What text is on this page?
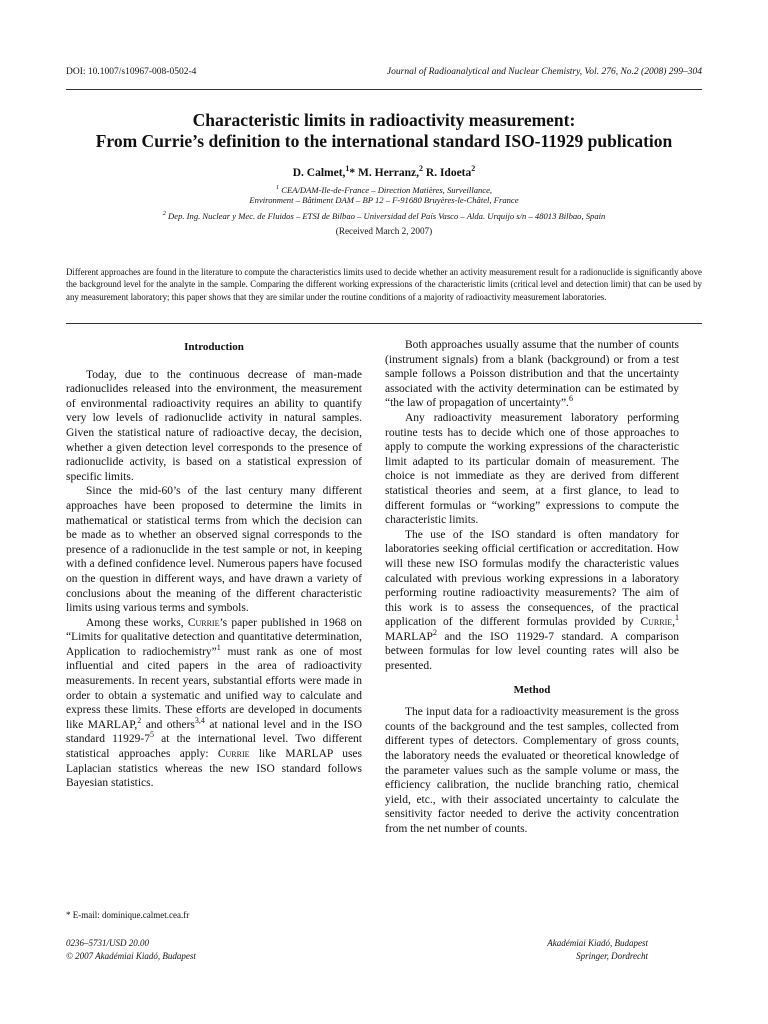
DOI: 10.1007/s10967-008-0502-4	Journal of Radioanalytical and Nuclear Chemistry, Vol. 276, No.2 (2008) 299–304
Characteristic limits in radioactivity measurement:
From Currie’s definition to the international standard ISO-11929 publication
D. Calmet,$^1$* M. Herranz,$^2$ R. Idoeta$^2$
$^1$ CEA/DAM-Ile-de-France – Direction Matières, Surveillance,
Environment – Bâtiment DAM – BP 12 – F-91680 Bruyères-le-Châtel, France
$^2$ Dep. Ing. Nuclear y Mec. de Fluidos – ETSI de Bilbao – Universidad del País Vasco – Alda. Urquijo s/n – 48013 Bilbao, Spain
(Received March 2, 2007)
Different approaches are found in the literature to compute the characteristics limits used to decide whether an activity measurement result for a radionuclide is significantly above the background level for the analyte in the sample. Comparing the different working expressions of the characteristic limits (critical level and detection limit) that can be used by any measurement laboratory; this paper shows that they are similar under the routine conditions of a majority of radioactivity measurement laboratories.
Introduction

Today, due to the continuous decrease of man-made radionuclides released into the environment, the measurement of environmental radioactivity requires an ability to quantify very low levels of radionuclide activity in natural samples. Given the statistical nature of radioactive decay, the decision, whether a given detection level corresponds to the presence of radionuclide activity, is based on a statistical expression of specific limits.

Since the mid-60’s of the last century many different approaches have been proposed to determine the limits in mathematical or statistical terms from which the decision can be made as to whether an observed signal corresponds to the presence of a radionuclide in the test sample or not, in keeping with a defined confidence level. Numerous papers have focused on the question in different ways, and have drawn a variety of conclusions about the meaning of the different characteristic limits using various terms and symbols.

Among these works, Currie’s paper published in 1968 on “Limits for qualitative detection and quantitative determination, Application to radiochemistry”$^1$ must rank as one of most influential and cited papers in the area of radioactivity measurements. In recent years, substantial efforts were made in order to obtain a systematic and unified way to calculate and express these limits. These efforts are developed in documents like MARLAP,$^2$ and others$^{3,4}$ at national level and in the ISO standard $11929-7^5$ at the international level. Two different statistical approaches apply: Currie like MARLAP uses Laplacian statistics whereas the new ISO standard follows Bayesian statistics.

Both approaches usually assume that the number of counts (instrument signals) from a blank (background) or from a test sample follows a Poisson distribution and that the uncertainty associated with the activity determination can be estimated by “the law of propagation of uncertainty”.$^6$

Any radioactivity measurement laboratory performing routine tests has to decide which one of those approaches to apply to compute the working expressions of the characteristic limit adapted to its particular domain of measurement. The choice is not immediate as they are derived from different statistical theories and seem, at a first glance, to lead to different formulas or “working” expressions to compute the characteristic limits.

The use of the ISO standard is often mandatory for laboratories seeking official certification or accreditation. How will these new ISO formulas modify the characteristic values calculated with previous working expressions in a laboratory performing routine radioactivity measurements? The aim of this work is to assess the consequences, of the practical application of the different formulas provided by Currie,$^1$ MARLAP$^2$ and the ISO 11929-7 standard. A comparison between formulas for low level counting rates will also be presented.

Method

The input data for a radioactivity measurement is the gross counts of the background and the test samples, collected from different types of detectors. Complementary of gross counts, the laboratory needs the evaluated or theoretical knowledge of the parameter values such as the sample volume or mass, the efficiency calibration, the nuclide branching ratio, chemical yield, etc., with their associated uncertainty to calculate the sensitivity factor needed to derive the activity concentration from the net number of counts.

* E-mail: dominique.calmet.cea.fr
0236–5731/USD 20.00
© 2007 Akadémiai Kiadó, Budapest
Akadémiai Kiadó, Budapest
Springer, Dordrecht
